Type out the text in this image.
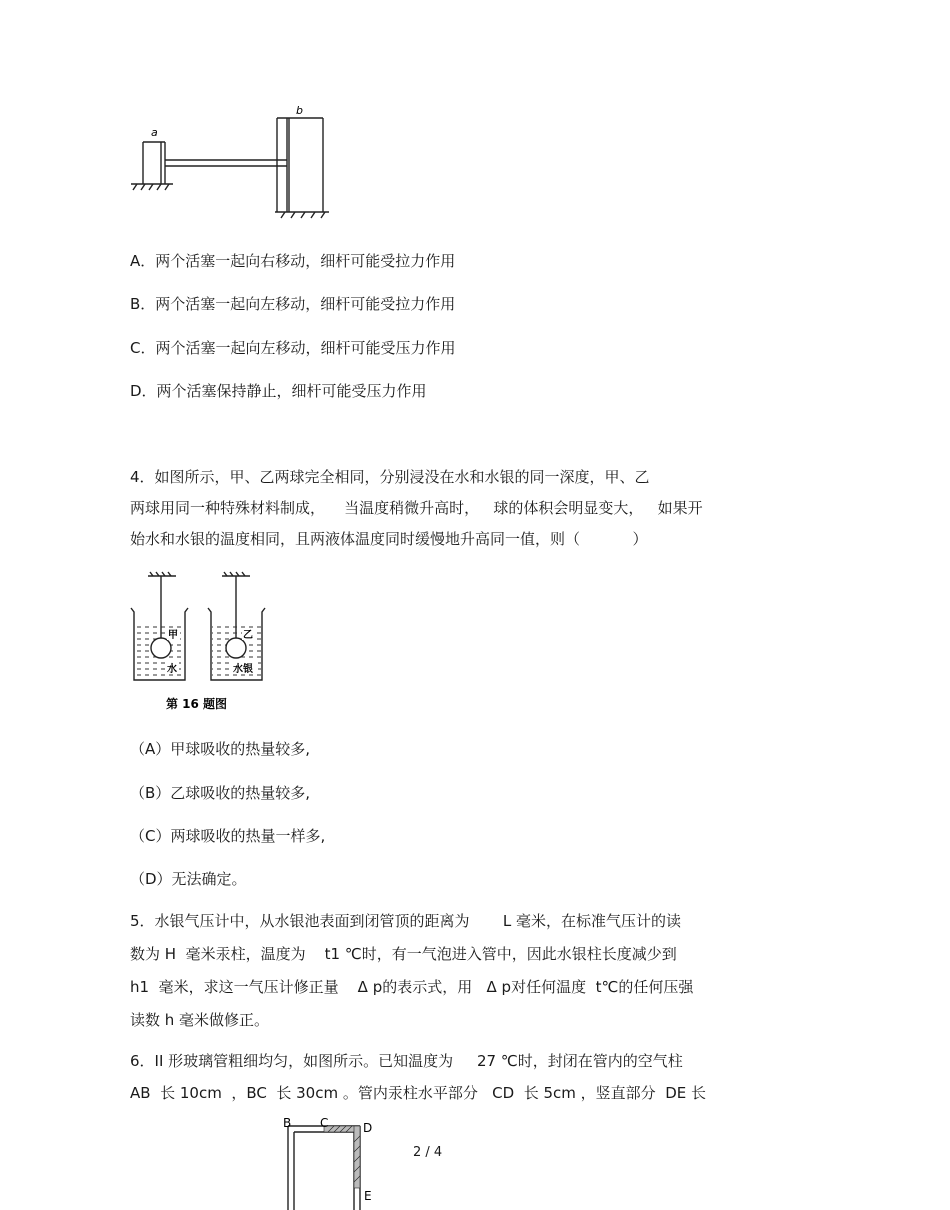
a
b
A．两个活塞一起向右移动，细杆可能受拉力作用
B．两个活塞一起向左移动，细杆可能受拉力作用
C．两个活塞一起向左移动，细杆可能受压力作用
D．两个活塞保持静止，细杆可能受压力作用
4．如图所示，甲、乙两球完全相同，分别浸没在水和水银的同一深度，甲、乙
两球用同一种特殊材料制成，    当温度稍微升高时，   球的体积会明显变大，   如果开
始水和水银的温度相同，且两液体温度同时缓慢地升高同一值，则（           ）
甲
水
乙
水银
第 16 题图
（A）甲球吸收的热量较多,
（B）乙球吸收的热量较多,
（C）两球吸收的热量一样多,
（D）无法确定。
5．水银气压计中，从水银池表面到闭管顶的距离为       L 毫米，在标准气压计的读
数为 H  毫米汞柱，温度为    t1 ℃时，有一气泡进入管中，因此水银柱长度减少到
h1  毫米，求这一气压计修正量    Δ p的表示式，用   Δ p对任何温度  t℃的任何压强
读数 h 毫米做修正。
6．II 形玻璃管粗细均匀，如图所示。已知温度为     27 ℃时，封闭在管内的空气柱
AB  长 10cm  ，BC  长 30cm 。管内汞柱水平部分   CD  长 5cm ，竖直部分  DE 长
B C	D
E
2 / 4
